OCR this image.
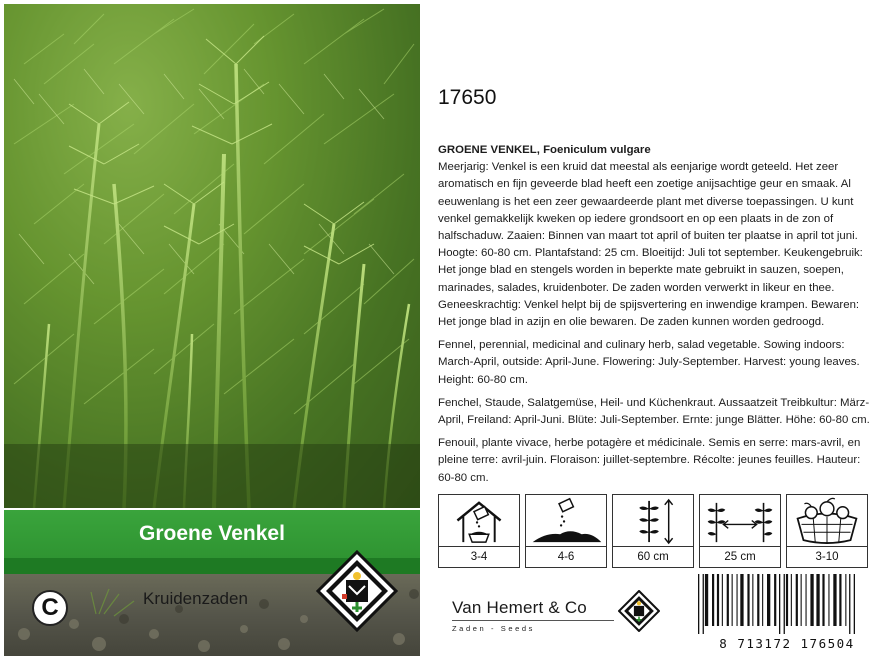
Groene Venkel
C	Kruidenzaden
17650

GROENE VENKEL, Foeniculum vulgare
Meerjarig: Venkel is een kruid dat meestal als eenjarige wordt geteeld. Het zeer aromatisch en fijn geveerde blad heeft een zoetige anijsachtige geur en smaak. Al eeuwenlang is het een zeer gewaardeerde plant met diverse toepassingen. U kunt venkel gemakkelijk kweken op iedere grondsoort en op een plaats in de zon of halfschaduw. Zaaien: Binnen van maart tot april of buiten ter plaatse in april tot juni. Hoogte: 60-80 cm. Plantafstand: 25 cm. Bloeitijd: Juli tot september. Keukengebruik: Het jonge blad en stengels worden in beperkte mate gebruikt in sauzen, soepen, marinades, salades, kruidenboter. De zaden worden verwerkt in likeur en thee. Geneeskrachtig: Venkel helpt bij de spijsvertering en inwendige krampen. Bewaren: Het jonge blad in azijn en olie bewaren. De zaden kunnen worden gedroogd.

Fennel, perennial, medicinal and culinary herb, salad vegetable. Sowing indoors: March-April, outside: April-June. Flowering: July-September. Harvest: young leaves. Height: 60-80 cm.

Fenchel, Staude, Salatgemüse, Heil- und Küchenkraut. Aussaatzeit Treibkultur: März-April, Freiland: April-Juni. Blüte: Juli-September. Ernte: junge Blätter. Höhe: 60-80 cm.

Fenouil, plante vivace, herbe potagère et médicinale. Semis en serre: mars-avril, en pleine terre: avril-juin. Floraison: juillet-septembre. Récolte: jeunes feuilles. Hauteur: 60-80 cm.

3-4	4-6	60 cm	25 cm	3-10
Van Hemert & Co
Zaden - Seeds
8 713172 176504
